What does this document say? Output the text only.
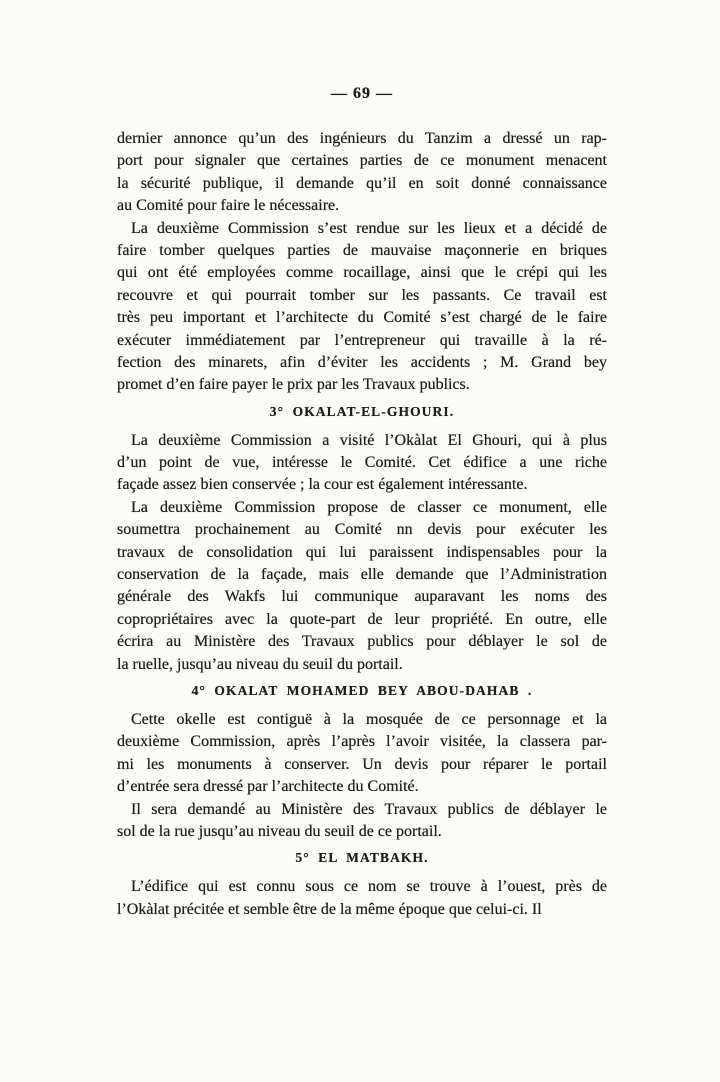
— 69 —
dernier annonce qu’un des ingénieurs du Tanzim a dressé un rap-
port pour signaler que certaines parties de ce monument menacent
la sécurité publique, il demande qu’il en soit donné connaissance
au Comité pour faire le nécessaire.
La deuxième Commission s’est rendue sur les lieux et a décidé de
faire tomber quelques parties de mauvaise maçonnerie en briques
qui ont été employées comme rocaillage, ainsi que le crépi qui les
recouvre et qui pourrait tomber sur les passants. Ce travail est
très peu important et l’architecte du Comité s’est chargé de le faire
exécuter immédiatement par l’entrepreneur qui travaille à la ré-
fection des minarets, afin d’éviter les accidents ; M. Grand bey
promet d’en faire payer le prix par les Travaux publics.
3° OKALAT-EL-GHOURI.
La deuxième Commission a visité l’Okàlat El Ghouri, qui à plus
d’un point de vue, intéresse le Comité. Cet édifice a une riche
façade assez bien conservée ; la cour est également intéressante.
La deuxième Commission propose de classer ce monument, elle
soumettra prochainement au Comité nn devis pour exécuter les
travaux de consolidation qui lui paraissent indispensables pour la
conservation de la façade, mais elle demande que l’Administration
générale des Wakfs lui communique auparavant les noms des
copropriétaires avec la quote-part de leur propriété. En outre, elle
écrira au Ministère des Travaux publics pour déblayer le sol de
la ruelle, jusqu’au niveau du seuil du portail.
4° OKALAT MOHAMED BEY ABOU-DAHAB .
Cette okelle est contiguë à la mosquée de ce personnage et la
deuxième Commission, après l’après l’avoir visitée, la classera par-
mi les monuments à conserver. Un devis pour réparer le portail
d’entrée sera dressé par l’architecte du Comité.
Il sera demandé au Ministère des Travaux publics de déblayer le
sol de la rue jusqu’au niveau du seuil de ce portail.
5° EL MATBAKH.
L’édifice qui est connu sous ce nom se trouve à l’ouest, près de
l’Okàlat précitée et semble être de la même époque que celui-ci. Il
